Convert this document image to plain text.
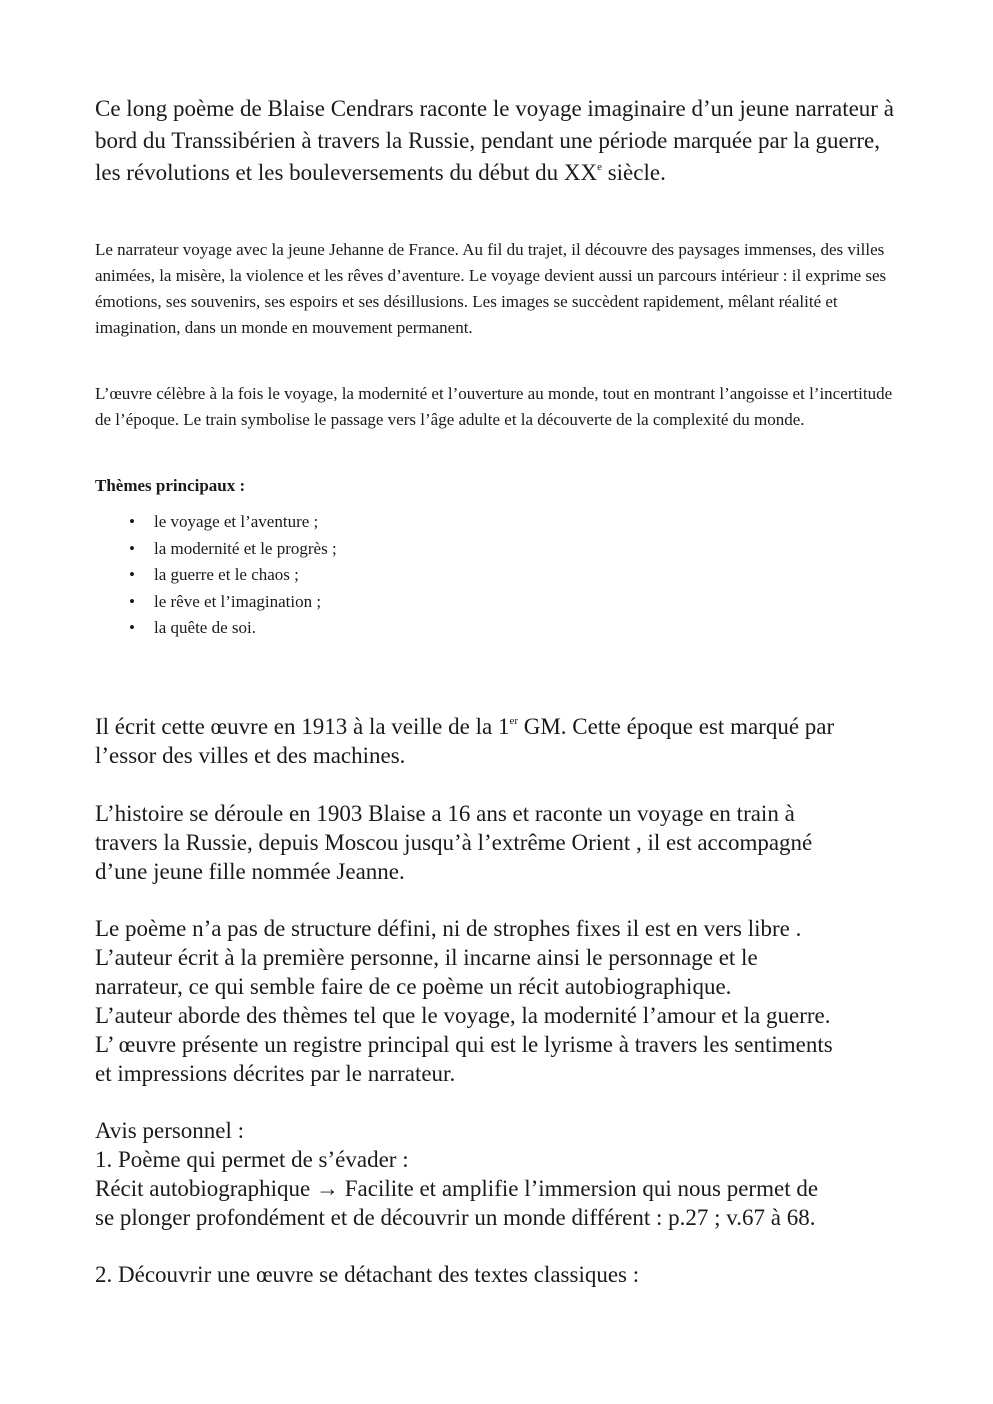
Ce long poème de Blaise Cendrars raconte le voyage imaginaire d’un jeune narrateur à bord du Transsibérien à travers la Russie, pendant une période marquée par la guerre, les révolutions et les bouleversements du début du XXe siècle.

Le narrateur voyage avec la jeune Jehanne de France. Au fil du trajet, il découvre des paysages immenses, des villes animées, la misère, la violence et les rêves d’aventure. Le voyage devient aussi un parcours intérieur : il exprime ses émotions, ses souvenirs, ses espoirs et ses désillusions. Les images se succèdent rapidement, mêlant réalité et imagination, dans un monde en mouvement permanent.

L’œuvre célèbre à la fois le voyage, la modernité et l’ouverture au monde, tout en montrant l’angoisse et l’incertitude de l’époque. Le train symbolise le passage vers l’âge adulte et la découverte de la complexité du monde.

Thèmes principaux :

• le voyage et l’aventure ;
• la modernité et le progrès ;
• la guerre et le chaos ;
• le rêve et l’imagination ;
• la quête de soi.

Il écrit cette œuvre en 1913 à la veille de la 1er GM. Cette époque est marqué par
l’essor des villes et des machines.

L’histoire se déroule en 1903 Blaise a 16 ans et raconte un voyage en train à
travers la Russie, depuis Moscou jusqu’à l’extrême Orient , il est accompagné
d’une jeune fille nommée Jeanne.

Le poème n’a pas de structure défini, ni de strophes fixes il est en vers libre .
L’auteur écrit à la première personne, il incarne ainsi le personnage et le
narrateur, ce qui semble faire de ce poème un récit autobiographique.
L’auteur aborde des thèmes tel que le voyage, la modernité l’amour et la guerre.
L’ œuvre présente un registre principal qui est le lyrisme à travers les sentiments
et impressions décrites par le narrateur.

Avis personnel :
1. Poème qui permet de s’évader :
Récit autobiographique → Facilite et amplifie l’immersion qui nous permet de
se plonger profondément et de découvrir un monde différent : p.27 ; v.67 à 68.

2. Découvrir une œuvre se détachant des textes classiques :
